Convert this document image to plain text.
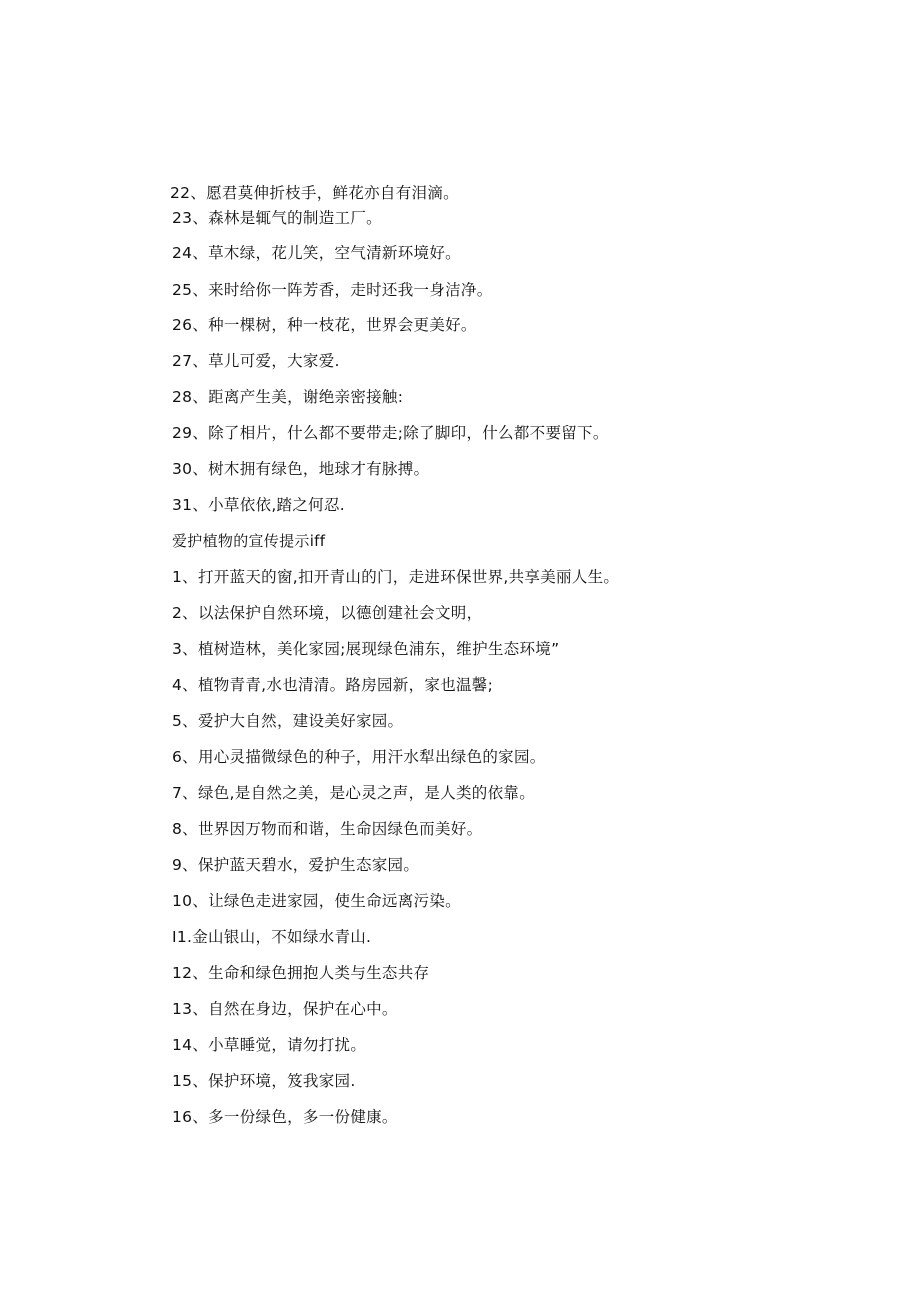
22、愿君莫伸折枝手，鲜花亦自有泪滴。
23、森林是辄气的制造工厂。
24、草木绿，花儿笑，空气清新环境好。
25、来时给你一阵芳香，走时还我一身洁净。
26、种一棵树，种一枝花，世界会更美好。
27、草儿可爱，大家爱.
28、距离产生美，谢绝亲密接触:
29、除了相片，什么都不要带走;除了脚印，什么都不要留下。
30、树木拥有绿色，地球才有脉搏。
31、小草依依,踏之何忍.
爱护植物的宣传提示iff
1、打开蓝天的窗,扣开青山的门，走进环保世界,共享美丽人生。
2、以法保护自然环境，以德创建社会文明，
3、植树造林，美化家园;展现绿色浦东，维护生态环境”
4、植物青青,水也清清。路房园新，家也温馨;
5、爱护大自然，建设美好家园。
6、用心灵描微绿色的种子，用汗水犁出绿色的家园。
7、绿色,是自然之美，是心灵之声，是人类的依靠。
8、世界因万物而和谐，生命因绿色而美好。
9、保护蓝天碧水，爱护生态家园。
10、让绿色走进家园，使生命远离污染。
I1.金山银山，不如绿水青山.
12、生命和绿色拥抱人类与生态共存
13、自然在身边，保护在心中。
14、小草睡觉，请勿打扰。
15、保护环境，笈我家园.
16、多一份绿色，多一份健康。
